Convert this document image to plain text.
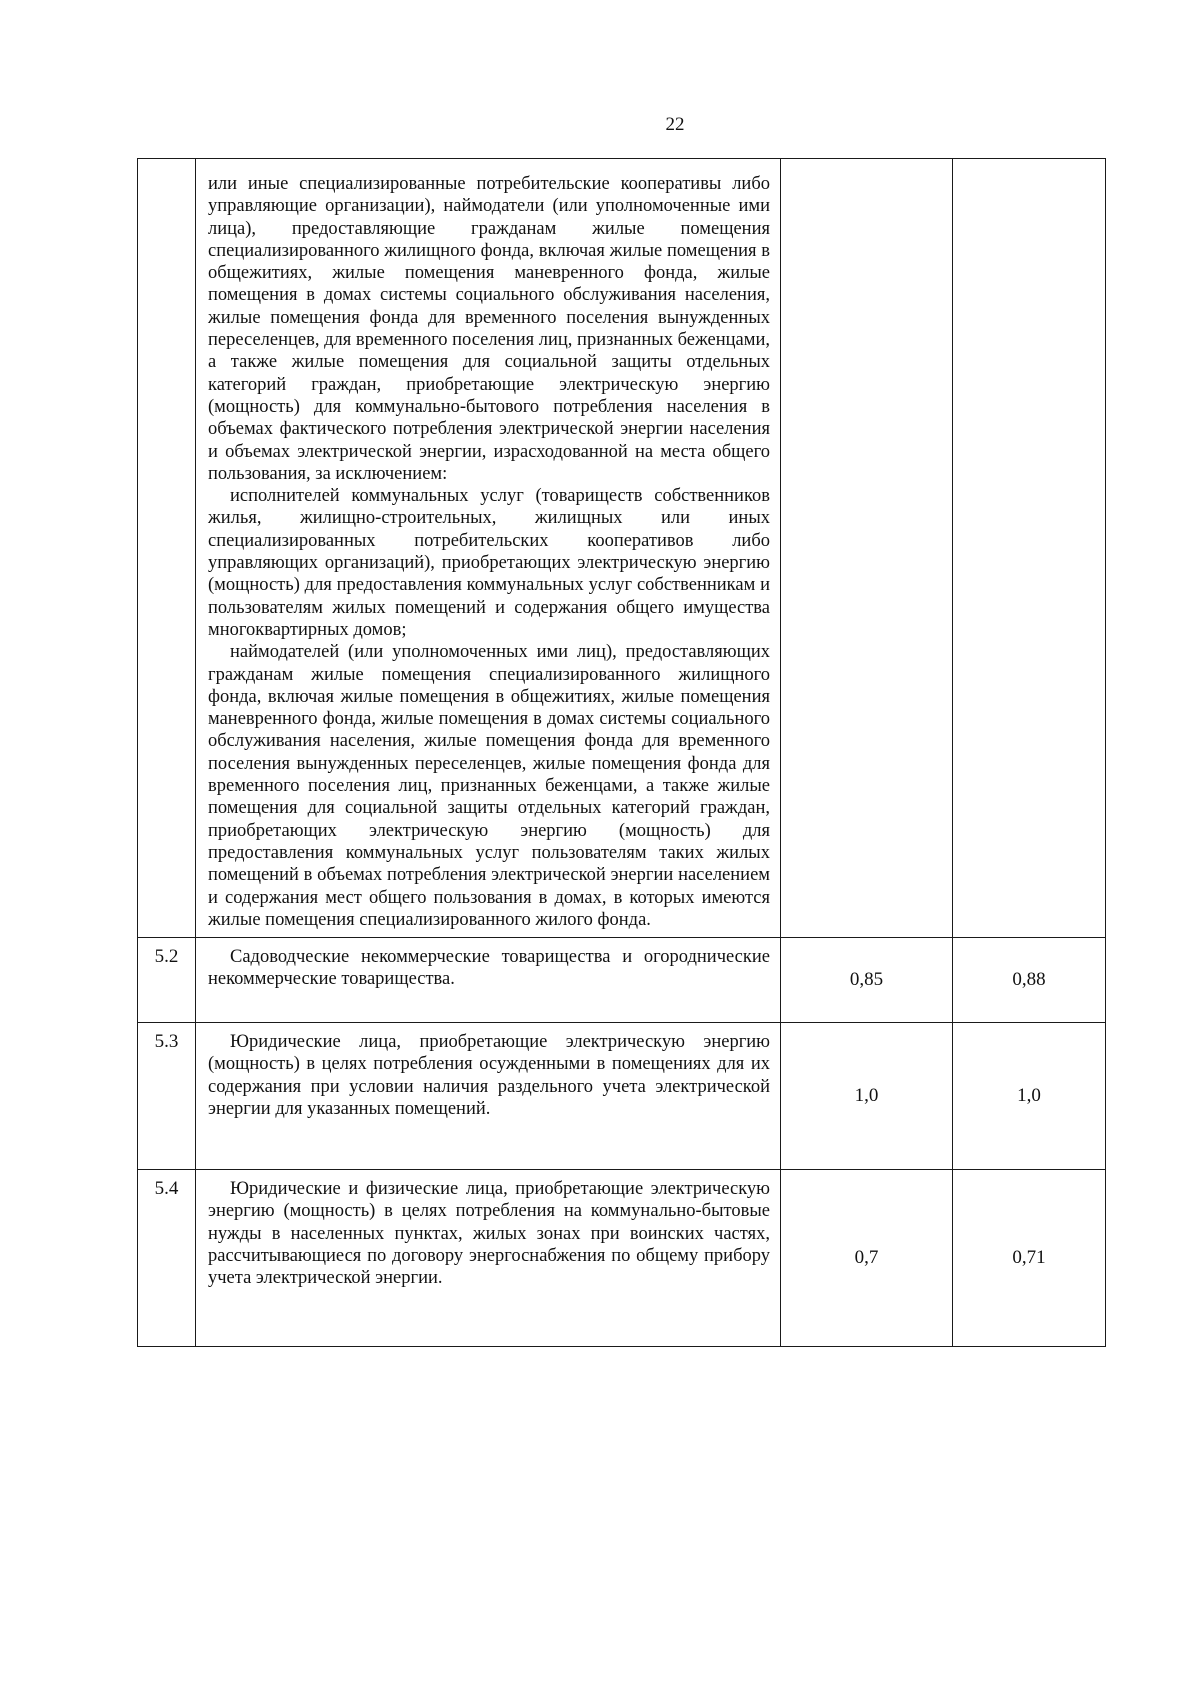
22

	или иные специализированные потребительские кооперативы либо управляющие организации), наймодатели (или уполномоченные ими лица), предоставляющие гражданам жилые помещения специализированного жилищного фонда, включая жилые помещения в общежитиях, жилые помещения маневренного фонда, жилые помещения в домах системы социального обслуживания населения, жилые помещения фонда для временного поселения вынужденных переселенцев, для временного поселения лиц, признанных беженцами, а также жилые помещения для социальной защиты отдельных категорий граждан, приобретающие электрическую энергию (мощность) для коммунально-бытового потребления населения в объемах фактического потребления электрической энергии населения и объемах электрической энергии, израсходованной на места общего пользования, за исключением:

исполнителей коммунальных услуг (товариществ собственников жилья, жилищно-строительных, жилищных или иных специализированных потребительских кооперативов либо управляющих организаций), приобретающих электрическую энергию (мощность) для предоставления коммунальных услуг собственникам и пользователям жилых помещений и содержания общего имущества многоквартирных домов;

наймодателей (или уполномоченных ими лиц), предоставляющих гражданам жилые помещения специализированного жилищного фонда, включая жилые помещения в общежитиях, жилые помещения маневренного фонда, жилые помещения в домах системы социального обслуживания населения, жилые помещения фонда для временного поселения вынужденных переселенцев, жилые помещения фонда для временного поселения лиц, признанных беженцами, а также жилые помещения для социальной защиты отдельных категорий граждан, приобретающих электрическую энергию (мощность) для предоставления коммунальных услуг пользователям таких жилых помещений в объемах потребления электрической энергии населением и содержания мест общего пользования в домах, в которых имеются жилые помещения специализированного жилого фонда.		

5.2	Садоводческие некоммерческие товарищества и огороднические некоммерческие товарищества.	0,85	0,88
5.3	Юридические лица, приобретающие электрическую энергию (мощность) в целях потребления осужденными в помещениях для их содержания при условии наличия раздельного учета электрической энергии для указанных помещений.	1,0	1,0
5.4	Юридические и физические лица, приобретающие электрическую энергию (мощность) в целях потребления на коммунально-бытовые нужды в населенных пунктах, жилых зонах при воинских частях, рассчитывающиеся по договору энергоснабжения по общему прибору учета электрической энергии.	0,7	0,71
